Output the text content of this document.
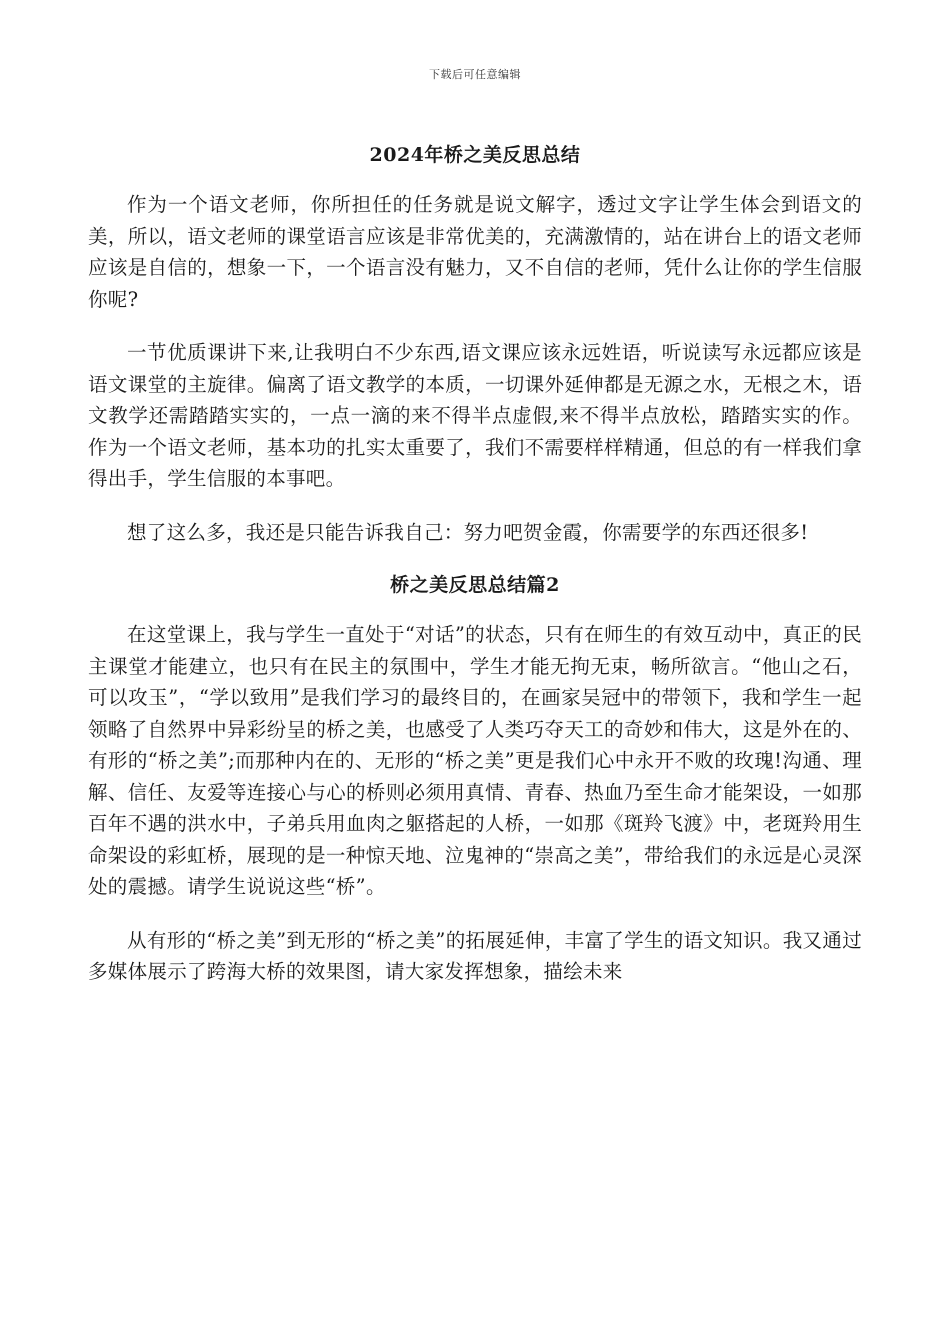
下载后可任意编辑
2024年桥之美反思总结

作为一个语文老师，你所担任的任务就是说文解字，透过文字让学生体会到语文的美，所以，语文老师的课堂语言应该是非常优美的，充满激情的，站在讲台上的语文老师应该是自信的，想象一下，一个语言没有魅力，又不自信的老师，凭什么让你的学生信服你呢?

一节优质课讲下来,让我明白不少东西,语文课应该永远姓语，听说读写永远都应该是语文课堂的主旋律。偏离了语文教学的本质，一切课外延伸都是无源之水，无根之木，语文教学还需踏踏实实的，一点一滴的来不得半点虚假,来不得半点放松，踏踏实实的作。作为一个语文老师，基本功的扎实太重要了，我们不需要样样精通，但总的有一样我们拿得出手，学生信服的本事吧。

想了这么多，我还是只能告诉我自己：努力吧贺金霞，你需要学的东西还很多!

桥之美反思总结篇2

在这堂课上，我与学生一直处于“对话”的状态，只有在师生的有效互动中，真正的民主课堂才能建立，也只有在民主的氛围中，学生才能无拘无束，畅所欲言。“他山之石，可以攻玉”，“学以致用”是我们学习的最终目的，在画家吴冠中的带领下，我和学生一起领略了自然界中异彩纷呈的桥之美，也感受了人类巧夺天工的奇妙和伟大，这是外在的、有形的“桥之美”;而那种内在的、无形的“桥之美”更是我们心中永开不败的玫瑰!沟通、理解、信任、友爱等连接心与心的桥则必须用真情、青春、热血乃至生命才能架设，一如那百年不遇的洪水中，子弟兵用血肉之躯搭起的人桥，一如那《斑羚飞渡》中，老斑羚用生命架设的彩虹桥，展现的是一种惊天地、泣鬼神的“崇高之美”，带给我们的永远是心灵深处的震撼。请学生说说这些“桥”。

从有形的“桥之美”到无形的“桥之美”的拓展延伸，丰富了学生的语文知识。我又通过多媒体展示了跨海大桥的效果图，请大家发挥想象，描绘未来
